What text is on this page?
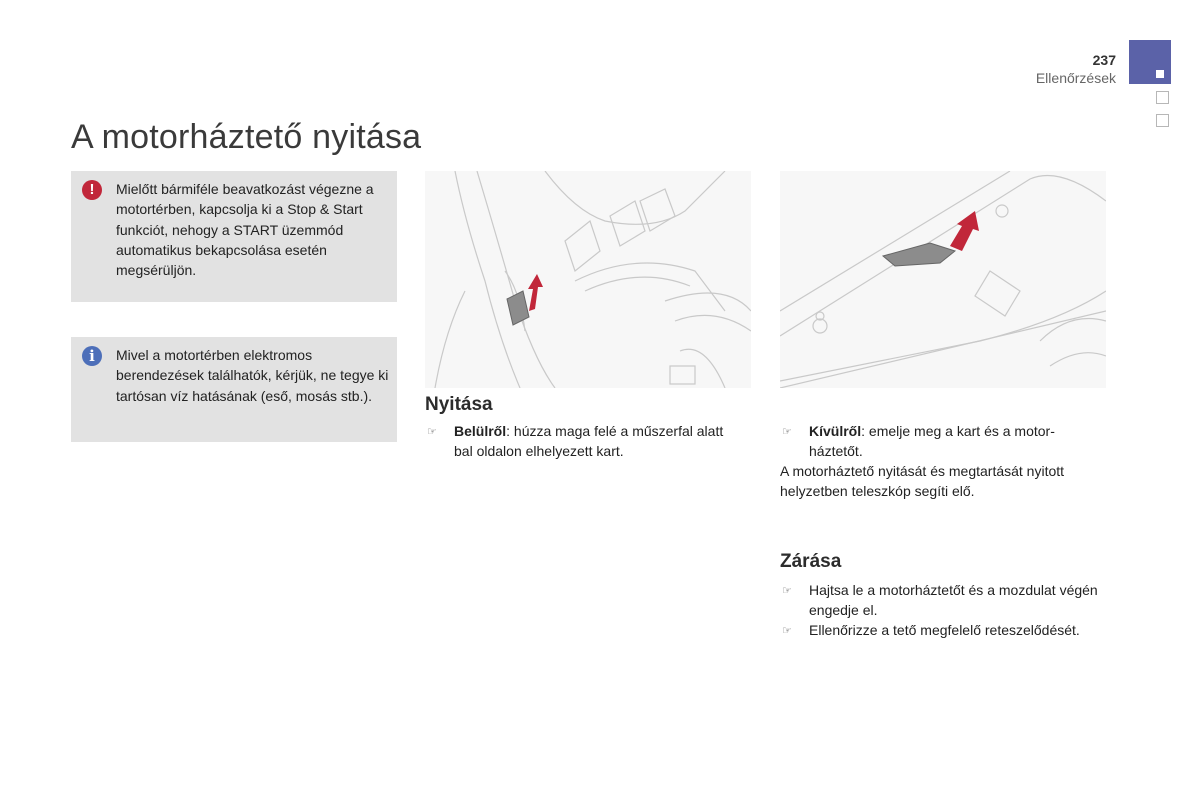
237
Ellenőrzések
A motorháztető nyitása
!	Mielőtt bármiféle beavatkozást végezne a motortérben, kapcsolja ki a Stop & Start funkciót, nehogy a START üzemmód automatikus bekapcsolása esetén megsérüljön.
i	Mivel a motortérben elektromos berendezések találhatók, kérjük, ne tegye ki tartósan víz hatásának (eső, mosás stb.).	Nyitása
☞ Belülről: húzza maga felé a műszerfal alatt bal oldalon elhelyezett kart.
☞ Kívülről: emelje meg a kart és a motor-háztetőt.
A motorháztető nyitását és megtartását nyitott helyzetben teleszkóp segíti elő.
Zárása
☞ Hajtsa le a motorháztetőt és a mozdulat végén engedje el.
☞ Ellenőrizze a tető megfelelő reteszelődését.
